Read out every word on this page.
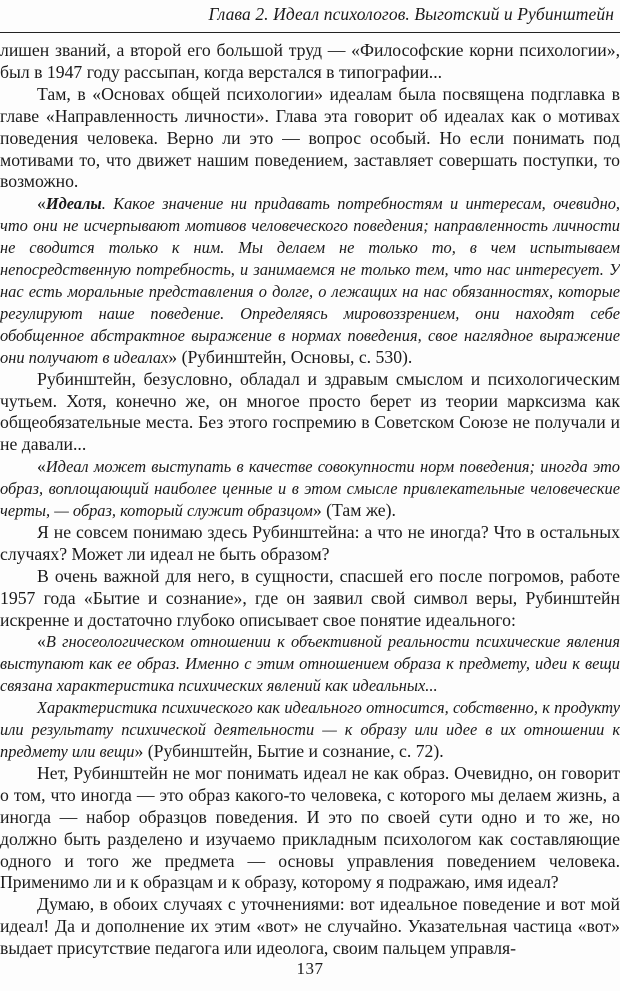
Глава 2. Идеал психологов. Выготский и Рубинштейн

лишен званий, а второй его большой труд — «Философские корни психологии», был в 1947 году рассыпан, когда верстался в типографии...

Там, в «Основах общей психологии» идеалам была посвящена подглавка в главе «Направленность личности». Глава эта говорит об идеалах как о мотивах поведения человека. Верно ли это — вопрос особый. Но если понимать под мотивами то, что движет нашим поведением, заставляет совершать поступки, то возможно.

«Идеалы. Какое значение ни придавать потребностям и интересам, очевидно, что они не исчерпывают мотивов человеческого поведения; направленность личности не сводится только к ним. Мы делаем не только то, в чем испытываем непосредственную потребность, и занимаемся не только тем, что нас интересует. У нас есть моральные представления о долге, о лежащих на нас обязанностях, которые регулируют наше поведение. Определяясь мировоззрением, они находят себе обобщенное абстрактное выражение в нормах поведения, свое наглядное выражение они получают в идеалах» (Рубинштейн, Основы, с. 530).

Рубинштейн, безусловно, обладал и здравым смыслом и психологическим чутьем. Хотя, конечно же, он многое просто берет из теории марксизма как общеобязательные места. Без этого госпремию в Советском Союзе не получали и не давали...

«Идеал может выступать в качестве совокупности норм поведения; иногда это образ, воплощающий наиболее ценные и в этом смысле привлекательные человеческие черты, — образ, который служит образцом» (Там же).

Я не совсем понимаю здесь Рубинштейна: а что не иногда? Что в остальных случаях? Может ли идеал не быть образом?

В очень важной для него, в сущности, спасшей его после погромов, работе 1957 года «Бытие и сознание», где он заявил свой символ веры, Рубинштейн искренне и достаточно глубоко описывает свое понятие идеального:

«В гносеологическом отношении к объективной реальности психические явления выступают как ее образ. Именно с этим отношением образа к предмету, идеи к вещи связана характеристика психических явлений как идеальных...

Характеристика психического как идеального относится, собственно, к продукту или результату психической деятельности — к образу или идее в их отношении к предмету или вещи» (Рубинштейн, Бытие и сознание, с. 72).

Нет, Рубинштейн не мог понимать идеал не как образ. Очевидно, он говорит о том, что иногда — это образ какого-то человека, с которого мы делаем жизнь, а иногда — набор образцов поведения. И это по своей сути одно и то же, но должно быть разделено и изучаемо прикладным психологом как составляющие одного и того же предмета — основы управления поведением человека. Применимо ли и к образцам и к образу, которому я подражаю, имя идеал?

Думаю, в обоих случаях с уточнениями: вот идеальное поведение и вот мой идеал! Да и дополнение их этим «вот» не случайно. Указательная частица «вот» выдает присутствие педагога или идеолога, своим пальцем управля-

137
